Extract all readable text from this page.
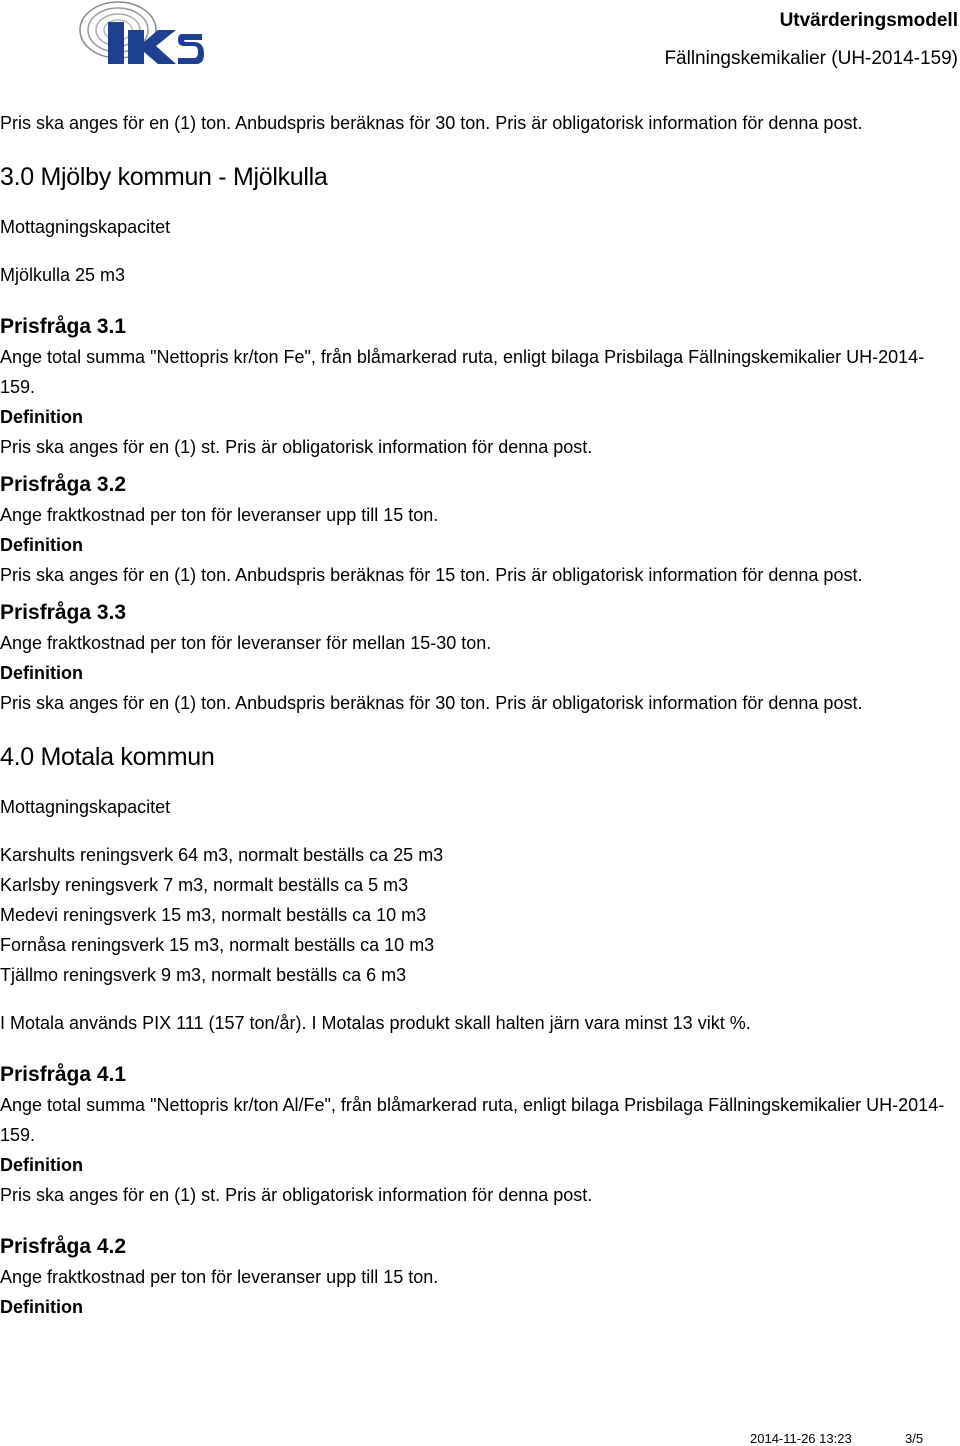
Utvärderingsmodell
Fällningskemikalier (UH-2014-159)

Pris ska anges för en (1) ton. Anbudspris beräknas för 30 ton. Pris är obligatorisk information för denna post.

3.0 Mjölby kommun - Mjölkulla

Mottagningskapacitet

Mjölkulla 25 m3

Prisfråga 3.1

Ange total summa "Nettopris kr/ton Fe", från blåmarkerad ruta, enligt bilaga Prisbilaga Fällningskemikalier UH-2014-159.

Definition

Pris ska anges för en (1) st. Pris är obligatorisk information för denna post.

Prisfråga 3.2

Ange fraktkostnad per ton för leveranser upp till 15 ton.

Definition

Pris ska anges för en (1) ton. Anbudspris beräknas för 15 ton. Pris är obligatorisk information för denna post.

Prisfråga 3.3

Ange fraktkostnad per ton för leveranser för mellan 15-30 ton.

Definition

Pris ska anges för en (1) ton. Anbudspris beräknas för 30 ton. Pris är obligatorisk information för denna post.

4.0 Motala kommun

Mottagningskapacitet

Karshults reningsverk 64 m3, normalt beställs ca 25 m3

Karlsby reningsverk 7 m3, normalt beställs ca 5 m3

Medevi reningsverk 15 m3, normalt beställs ca 10 m3

Fornåsa reningsverk 15 m3, normalt beställs ca 10 m3

Tjällmo reningsverk 9 m3, normalt beställs ca 6 m3

I Motala används PIX 111 (157 ton/år). I Motalas produkt skall halten järn vara minst 13 vikt %.

Prisfråga 4.1

Ange total summa "Nettopris kr/ton Al/Fe", från blåmarkerad ruta, enligt bilaga Prisbilaga Fällningskemikalier UH-2014-159.

Definition

Pris ska anges för en (1) st. Pris är obligatorisk information för denna post.

Prisfråga 4.2

Ange fraktkostnad per ton för leveranser upp till 15 ton.

Definition

2014-11-26 13:23	3/5
